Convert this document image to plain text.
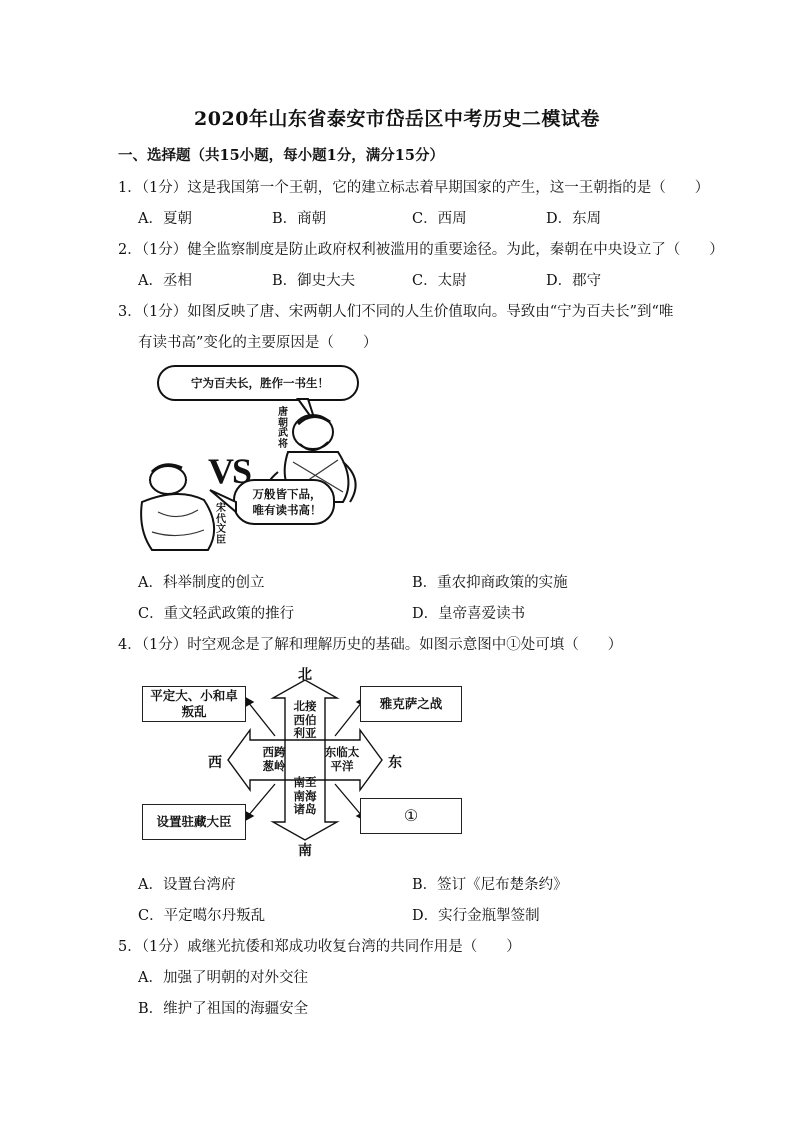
2020年山东省泰安市岱岳区中考历史二模试卷
一、选择题（共15小题，每小题1分，满分15分）
1．（1分）这是我国第一个王朝，它的建立标志着早期国家的产生，这一王朝指的是（　　）
A．夏朝	B．商朝	C．西周	D．东周
2．（1分）健全监察制度是防止政府权利被滥用的重要途径。为此，秦朝在中央设立了（　　）
A．丞相	B．御史大夫	C．太尉	D．郡守
3．（1分）如图反映了唐、宋两朝人们不同的人生价值取向。导致由“宁为百夫长”到“唯
有读书高”变化的主要原因是（　　）
宁为百夫长，胜作一书生！
唐朝武将
VS
万般皆下品，
唯有读书高！
宋代文臣
A．科举制度的创立	B．重农抑商政策的实施
C．重文轻武政策的推行	D．皇帝喜爱读书
4．（1分）时空观念是了解和理解历史的基础。如图示意图中①处可填（　　）
平定大、小和卓
叛乱
雅克萨之战
设置驻藏大臣	①
北
南
西	东
北接西伯利亚
西跨葱岭
东临太平洋
南至南海诸岛
A．设置台湾府	B．签订《尼布楚条约》
C．平定噶尔丹叛乱	D．实行金瓶掣签制
5．（1分）戚继光抗倭和郑成功收复台湾的共同作用是（　　）
A．加强了明朝的对外交往
B．维护了祖国的海疆安全
